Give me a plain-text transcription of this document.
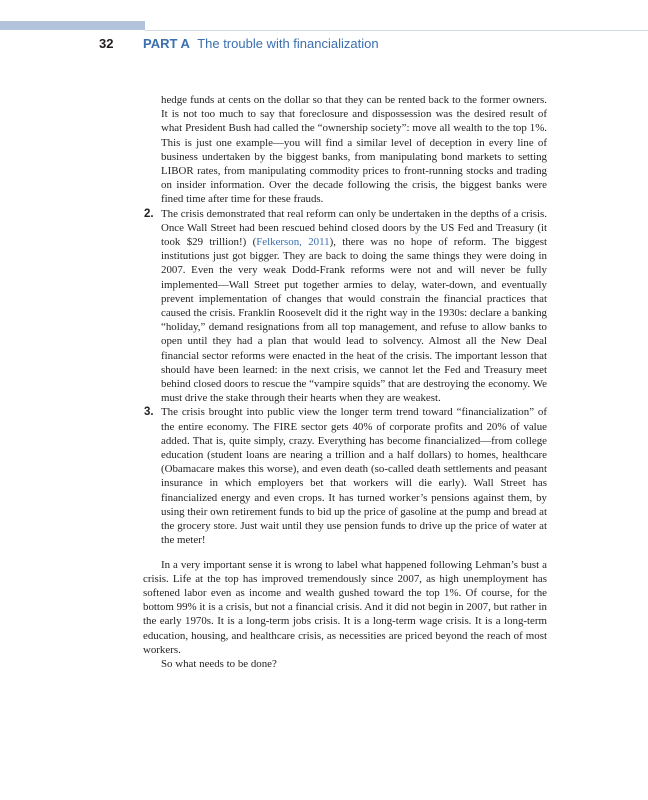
32 PART A The trouble with financialization

hedge funds at cents on the dollar so that they can be rented back to the former owners. It is not too much to say that foreclosure and dispossession was the desired result of what President Bush had called the “ownership society”: move all wealth to the top 1%. This is just one example—you will find a similar level of deception in every line of business undertaken by the biggest banks, from manipulating bond markets to setting LIBOR rates, from manipulating commodity prices to front-running stocks and trading on insider information. Over the decade following the crisis, the biggest banks were fined time after time for these frauds.

2. The crisis demonstrated that real reform can only be undertaken in the depths of a crisis. Once Wall Street had been rescued behind closed doors by the US Fed and Treasury (it took $29 trillion!) (Felkerson, 2011), there was no hope of reform. The biggest institutions just got bigger. They are back to doing the same things they were doing in 2007. Even the very weak Dodd-Frank reforms were not and will never be fully implemented—Wall Street put together armies to delay, water-down, and eventually prevent implementation of changes that would constrain the financial practices that caused the crisis. Franklin Roosevelt did it the right way in the 1930s: declare a banking “holiday,” demand resignations from all top management, and refuse to allow banks to open until they had a plan that would lead to solvency. Almost all the New Deal financial sector reforms were enacted in the heat of the crisis. The important lesson that should have been learned: in the next crisis, we cannot let the Fed and Treasury meet behind closed doors to rescue the “vampire squids” that are destroying the economy. We must drive the stake through their hearts when they are weakest.

3. The crisis brought into public view the longer term trend toward “financialization” of the entire economy. The FIRE sector gets 40% of corporate profits and 20% of value added. That is, quite simply, crazy. Everything has become financialized—from college education (student loans are nearing a trillion and a half dollars) to homes, healthcare (Obamacare makes this worse), and even death (so-called death settlements and peasant insurance in which employers bet that workers will die early). Wall Street has financialized energy and even crops. It has turned worker’s pensions against them, by using their own retirement funds to bid up the price of gasoline at the pump and bread at the grocery store. Just wait until they use pension funds to drive up the price of water at the meter!

In a very important sense it is wrong to label what happened following Lehman’s bust a crisis. Life at the top has improved tremendously since 2007, as high unemployment has softened labor even as income and wealth gushed toward the top 1%. Of course, for the bottom 99% it is a crisis, but not a financial crisis. And it did not begin in 2007, but rather in the early 1970s. It is a long-term jobs crisis. It is a long-term wage crisis. It is a long-term education, housing, and healthcare crisis, as necessities are priced beyond the reach of most workers.

So what needs to be done?
